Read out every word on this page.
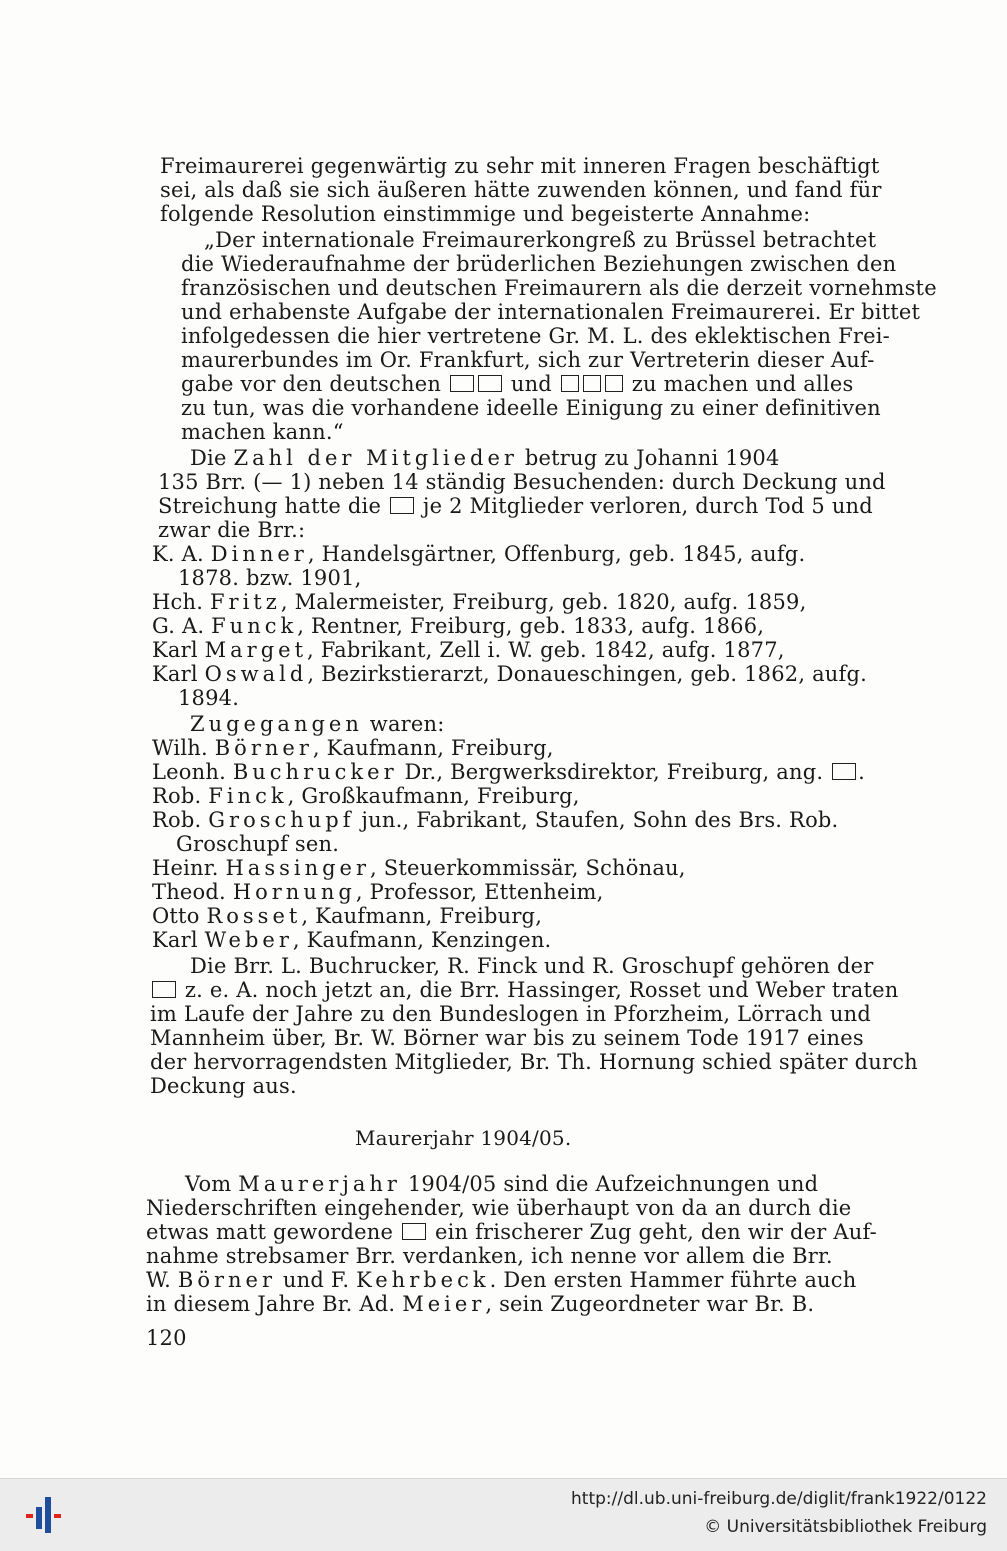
Freimaurerei gegenwärtig zu sehr mit inneren Fragen beschäftigt
sei, als daß sie sich äußeren hätte zuwenden können, und fand für
folgende Resolution einstimmige und begeisterte Annahme:
„Der internationale Freimaurerkongreß zu Brüssel betrachtet
die Wiederaufnahme der brüderlichen Beziehungen zwischen den
französischen und deutschen Freimaurern als die derzeit vornehmste
und erhabenste Aufgabe der internationalen Freimaurerei. Er bittet
infolgedessen die hier vertretene Gr. M. L. des eklektischen Frei-
maurerbundes im Or. Frankfurt, sich zur Vertreterin dieser Auf-
gabe vor den deutschen	und	zu machen und alles
zu tun, was die vorhandene ideelle Einigung zu einer definitiven
machen kann.“
Die Zahl der Mitglieder betrug zu Johanni 1904
135 Brr. (— 1) neben 14 ständig Besuchenden: durch Deckung und
Streichung hatte die je 2 Mitglieder verloren, durch Tod 5 und
zwar die Brr.:
K. A. Dinner, Handelsgärtner, Offenburg, geb. 1845, aufg.
1878. bzw. 1901,
Hch. Fritz, Malermeister, Freiburg, geb. 1820, aufg. 1859,
G. A. Funck, Rentner, Freiburg, geb. 1833, aufg. 1866,
Karl Marget, Fabrikant, Zell i. W. geb. 1842, aufg. 1877,
Karl Oswald, Bezirkstierarzt, Donaueschingen, geb. 1862, aufg.
1894.
Zugegangen waren:
Wilh. Börner, Kaufmann, Freiburg,
Leonh. Buchrucker Dr., Bergwerksdirektor, Freiburg, ang. .
Rob. Finck, Großkaufmann, Freiburg,
Rob. Groschupf jun., Fabrikant, Staufen, Sohn des Brs. Rob.
Groschupf sen.
Heinr. Hassinger, Steuerkommissär, Schönau,
Theod. Hornung, Professor, Ettenheim,
Otto Rosset, Kaufmann, Freiburg,
Karl Weber, Kaufmann, Kenzingen.
Die Brr. L. Buchrucker, R. Finck und R. Groschupf gehören der
z. e. A. noch jetzt an, die Brr. Hassinger, Rosset und Weber traten
im Laufe der Jahre zu den Bundeslogen in Pforzheim, Lörrach und
Mannheim über, Br. W. Börner war bis zu seinem Tode 1917 eines
der hervorragendsten Mitglieder, Br. Th. Hornung schied später durch
Deckung aus.
Maurerjahr 1904/05.
Vom Maurerjahr 1904/05 sind die Aufzeichnungen und
Niederschriften eingehender, wie überhaupt von da an durch die
etwas matt gewordene ein frischerer Zug geht, den wir der Auf-
nahme strebsamer Brr. verdanken, ich nenne vor allem die Brr.
W. Börner und F. Kehrbeck. Den ersten Hammer führte auch
in diesem Jahre Br. Ad. Meier, sein Zugeordneter war Br. B.
120
http://dl.ub.uni-freiburg.de/diglit/frank1922/0122
© Universitätsbibliothek Freiburg
